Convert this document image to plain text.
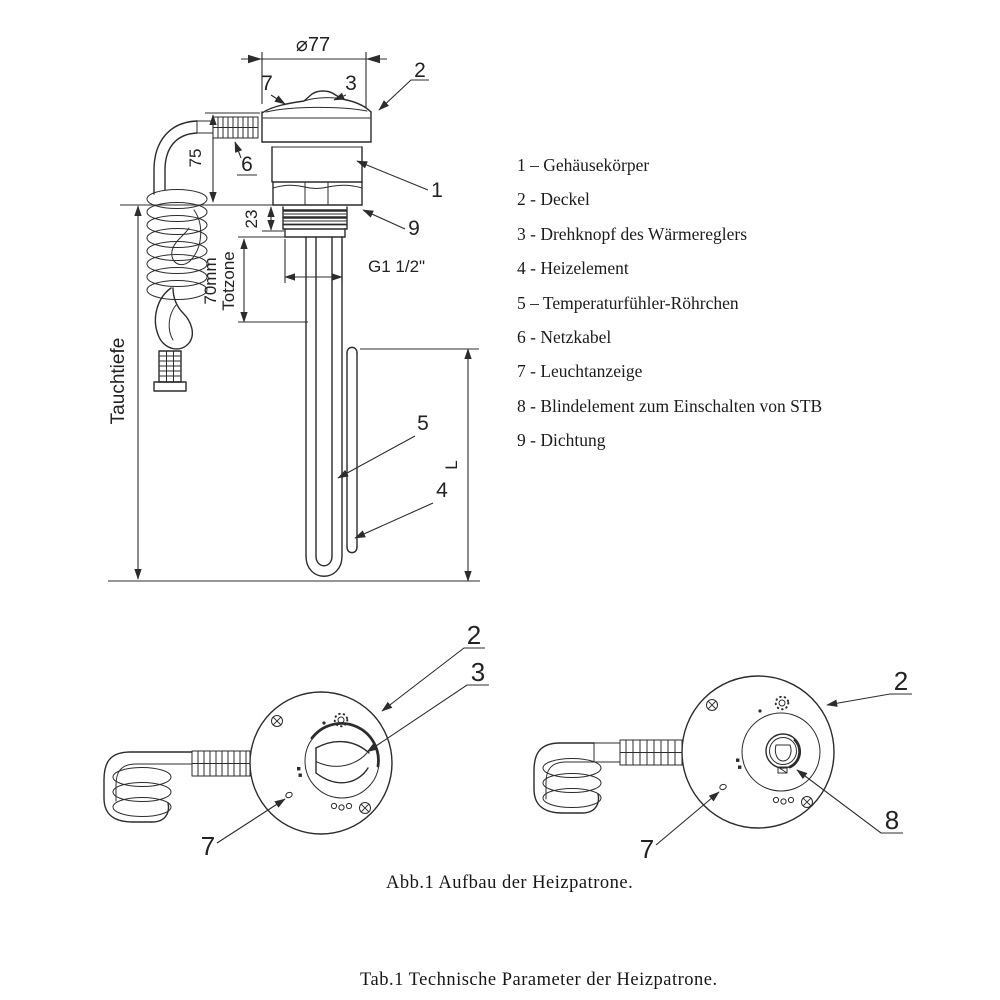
⌀77
75
23
70mm Totzone
Tauchtiefe
G1 1/2"
L
7	3
2
1
9
6
5
4
2
3
7
2
8
7
1 – Gehäusekörper
2 - Deckel
3 - Drehknopf des Wärmereglers
4 - Heizelement
5 – Temperaturfühler-Röhrchen
6 - Netzkabel
7 - Leuchtanzeige
8 - Blindelement zum Einschalten von STB
9 - Dichtung
Abb.1 Aufbau der Heizpatrone.
Tab.1 Technische Parameter der Heizpatrone.
